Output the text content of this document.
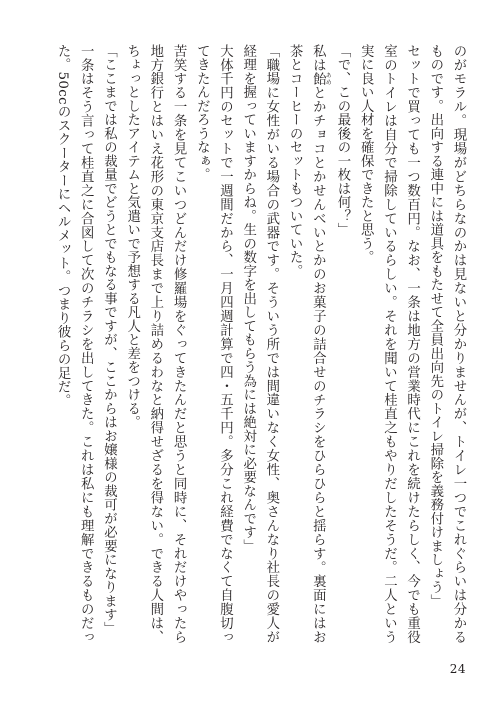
のがモラル。現場がどちらなのかは見ないと分かりませんが、トイレ一つでこれぐらいは分かるものです。出向する連中には道具をもたせて全員出向先のトイレ掃除を義務付けましょう」

セットで買っても一つ数百円。なお、一条は地方の営業時代にこれを続けたらしく、今でも重役室のトイレは自分で掃除しているらしい。それを聞いて桂直之もやりだしたそうだ。二人という実に良い人材を確保できたと思う。

「で、この最後の一枚は何？」

私は飴 あめとかチョコとかせんべいとかのお菓子の詰合せのチラシをひらひらと揺らす。裏面にはお茶とコーヒーのセットもついていた。

「職場に女性がいる場合の武器です。そういう所では間違いなく女性、奥さんなり社長の愛人が経理を握っていますからね。生の数字を出してもらう為には絶対に必要なんです」

大体千円のセットで一週間だから、一月四週計算で四・五千円。多分これ経費でなくて自腹切ってきたんだろうなぁ。

苦笑する一条を見てこいつどんだけ修羅場をぐってきたんだと思うと同時に、それだけやったら地方銀行とはいえ花形の東京支店長まで上り詰めるわなと納得せざるを得ない。できる人間は、ちょっとしたアイテムと気遣いで予想する凡人と差をつける。

「ここまでは私の裁量でどうとでもなる事ですが、ここからはお嬢様の裁可が必要になります」

一条はそう言って桂直之に合図して次のチラシを出してきた。これは私にも理解できるものだった。50ccのスクーターにヘルメット。つまり彼らの足だ。

24
